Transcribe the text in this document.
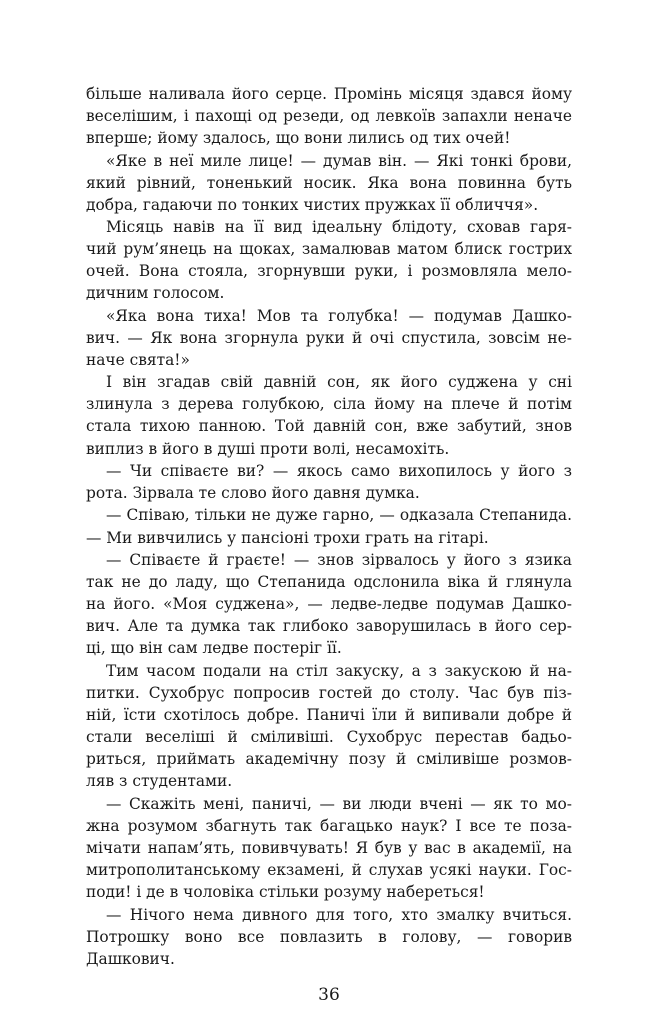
більше наливала його серце. Промінь місяця здався йому
веселішим, і пахощі од резеди, од левкоїв запахли неначе
вперше; йому здалось, що вони лились од тих очей!
«Яке в неї миле лице! — думав він. — Які тонкі брови,
який рівний, тоненький носик. Яка вона повинна буть
добра, гадаючи по тонких чистих пружках її обличчя».
Місяць навів на її вид ідеальну блідоту, сховав гаря-
чий рум’янець на щоках, замалював матом блиск гострих
очей. Вона стояла, згорнувши руки, і розмовляла мело-
дичним голосом.
«Яка вона тиха! Мов та голубка! — подумав Дашко-
вич. — Як вона згорнула руки й очі спустила, зовсім не-
наче свята!»
І він згадав свій давній сон, як його суджена у сні
злинула з дерева голубкою, сіла йому на плече й потім
стала тихою панною. Той давній сон, вже забутий, знов
виплиз в його в душі проти волі, несамохіть.
— Чи співаєте ви? — якось само вихопилось у його з
рота. Зірвала те слово його давня думка.
— Співаю, тільки не дуже гарно, — одказала Степанида.
— Ми вивчились у пансіоні трохи грать на гітарі.
— Співаєте й граєте! — знов зірвалось у його з язика
так не до ладу, що Степанида одслонила віка й глянула
на його. «Моя суджена», — ледве-ледве подумав Дашко-
вич. Але та думка так глибоко заворушилась в його сер-
ці, що він сам ледве постеріг її.
Тим часом подали на стіл закуску, а з закускою й на-
питки. Сухобрус попросив гостей до столу. Час був піз-
ній, їсти схотілось добре. Паничі їли й випивали добре й
стали веселіші й сміливіші. Сухобрус перестав бадьо-
риться, приймать академічну позу й сміливіше розмов-
ляв з студентами.
— Скажіть мені, паничі, — ви люди вчені — як то мо-
жна розумом збагнуть так багацько наук? І все те поза-
мічати напам’ять, повивчувать! Я був у вас в академії, на
митрополитанському екзамені, й слухав усякі науки. Гос-
поди! і де в чоловіка стільки розуму набереться!
— Нічого нема дивного для того, хто змалку вчиться.
Потрошку воно все повлазить в голову, — говорив
Дашкович.
36
